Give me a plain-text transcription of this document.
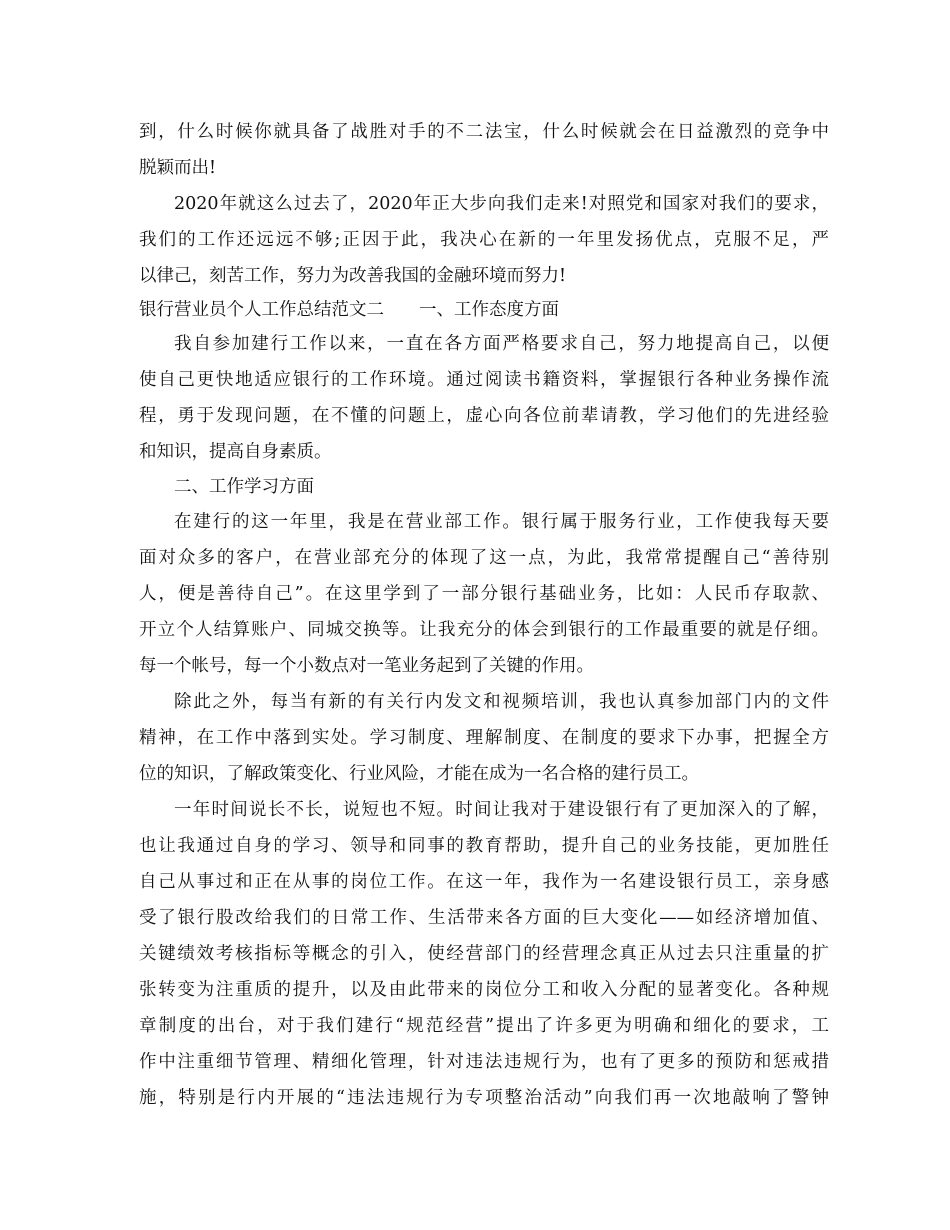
到，什么时候你就具备了战胜对手的不二法宝，什么时候就会在日益激烈的竞争中
脱颖而出!
2020年就这么过去了，2020年正大步向我们走来!对照党和国家对我们的要求，
我们的工作还远远不够;正因于此，我决心在新的一年里发扬优点，克服不足，严
以律己，刻苦工作，努力为改善我国的金融环境而努力!
银行营业员个人工作总结范文二　　一、工作态度方面
我自参加建行工作以来，一直在各方面严格要求自己，努力地提高自己，以便
使自己更快地适应银行的工作环境。通过阅读书籍资料，掌握银行各种业务操作流
程，勇于发现问题，在不懂的问题上，虚心向各位前辈请教，学习他们的先进经验
和知识，提高自身素质。
二、工作学习方面
在建行的这一年里，我是在营业部工作。银行属于服务行业，工作使我每天要
面对众多的客户，在营业部充分的体现了这一点，为此，我常常提醒自己“善待别
人，便是善待自己”。在这里学到了一部分银行基础业务，比如：人民币存取款、
开立个人结算账户、同城交换等。让我充分的体会到银行的工作最重要的就是仔细。
每一个帐号，每一个小数点对一笔业务起到了关键的作用。
除此之外，每当有新的有关行内发文和视频培训，我也认真参加部门内的文件
精神，在工作中落到实处。学习制度、理解制度、在制度的要求下办事，把握全方
位的知识，了解政策变化、行业风险，才能在成为一名合格的建行员工。
一年时间说长不长，说短也不短。时间让我对于建设银行有了更加深入的了解，
也让我通过自身的学习、领导和同事的教育帮助，提升自己的业务技能，更加胜任
自己从事过和正在从事的岗位工作。在这一年，我作为一名建设银行员工，亲身感
受了银行股改给我们的日常工作、生活带来各方面的巨大变化——如经济增加值、
关键绩效考核指标等概念的引入，使经营部门的经营理念真正从过去只注重量的扩
张转变为注重质的提升，以及由此带来的岗位分工和收入分配的显著变化。各种规
章制度的出台，对于我们建行“规范经营”提出了许多更为明确和细化的要求，工
作中注重细节管理、精细化管理，针对违法违规行为，也有了更多的预防和惩戒措
施，特别是行内开展的“违法违规行为专项整治活动”向我们再一次地敲响了警钟
